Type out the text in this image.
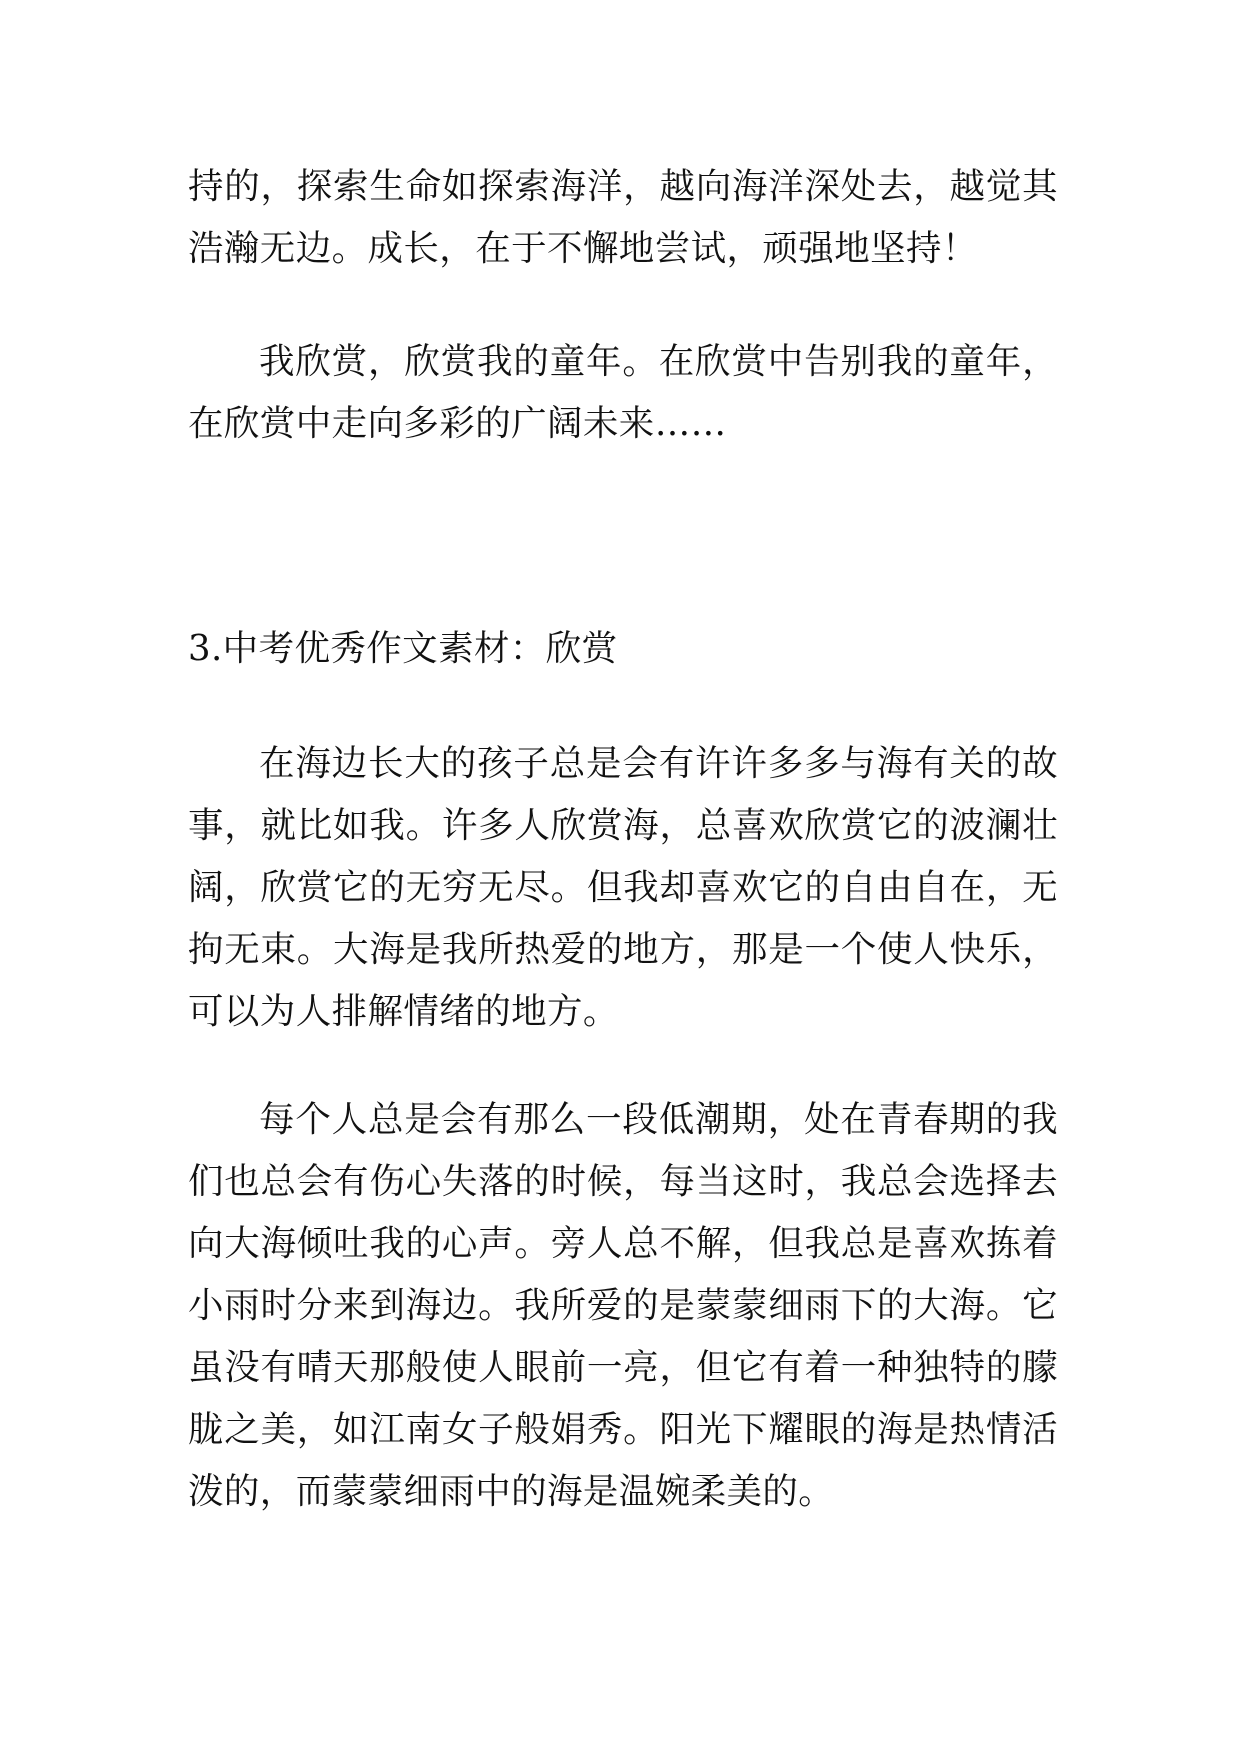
持的，探索生命如探索海洋，越向海洋深处去，越觉其浩瀚无边。成长，在于不懈地尝试，顽强地坚持！

我欣赏，欣赏我的童年。在欣赏中告别我的童年，在欣赏中走向多彩的广阔未来……

3.中考优秀作文素材：欣赏

在海边长大的孩子总是会有许许多多与海有关的故事，就比如我。许多人欣赏海，总喜欢欣赏它的波澜壮阔，欣赏它的无穷无尽。但我却喜欢它的自由自在，无拘无束。大海是我所热爱的地方，那是一个使人快乐，可以为人排解情绪的地方。

每个人总是会有那么一段低潮期，处在青春期的我们也总会有伤心失落的时候，每当这时，我总会选择去向大海倾吐我的心声。旁人总不解，但我总是喜欢拣着小雨时分来到海边。我所爱的是蒙蒙细雨下的大海。它虽没有晴天那般使人眼前一亮，但它有着一种独特的朦胧之美，如江南女子般娟秀。阳光下耀眼的海是热情活泼的，而蒙蒙细雨中的海是温婉柔美的。
